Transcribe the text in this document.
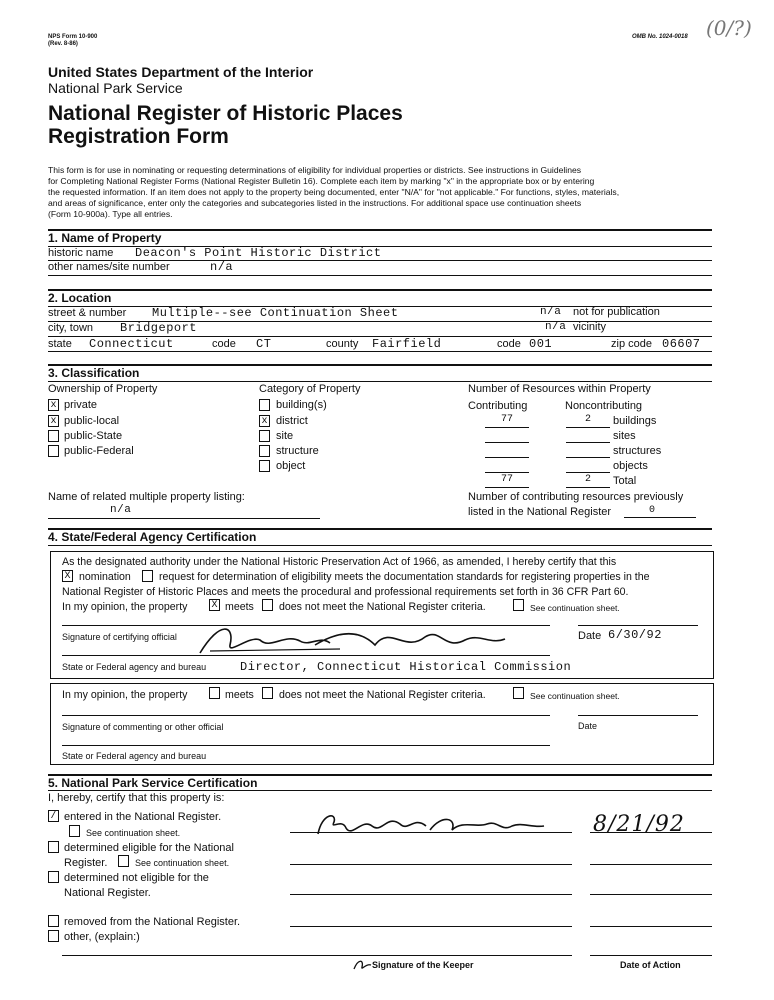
NPS Form 10-900
(Rev. 8-86)
OMB No. 1024-0018 (0/?)
United States Department of the Interior
National Park Service
National Register of Historic Places
Registration Form
This form is for use in nominating or requesting determinations of eligibility for individual properties or districts. See instructions in Guidelines
for Completing National Register Forms (National Register Bulletin 16). Complete each item by marking "x" in the appropriate box or by entering
the requested information. If an item does not apply to the property being documented, enter "N/A" for "not applicable." For functions, styles, materials,
and areas of significance, enter only the categories and subcategories listed in the instructions. For additional space use continuation sheets
(Form 10-900a). Type all entries.
1. Name of Property
historic name Deacon's Point Historic District
other names/site number	n/a
2. Location
street & number Multiple--see Continuation Sheet	n/a not for publication
city, town Bridgeport	n/a vicinity
state Connecticut	code CT	county Fairfield	code 001	zip code 06607
3. Classification
Ownership of Property
x private
x public-local
public-State
public-Federal
Category of Property
building(s)
x district
site
structure
object
Number of Resources within Property
Contributing	Noncontributing
77	2	buildings
sites
structures
objects
77	2	Total
Name of related multiple property listing:
n/a
Number of contributing resources previously
listed in the National Register	0
4. State/Federal Agency Certification
As the designated authority under the National Historic Preservation Act of 1966, as amended, I hereby certify that this
X nomination	request for determination of eligibility meets the documentation standards for registering properties in the
National Register of Historic Places and meets the procedural and professional requirements set forth in 36 CFR Part 60.
In my opinion, the property X meets does not meet the National Register criteria.	See continuation sheet.
Signature of certifying official	Date 6/30/92
State or Federal agency and bureau	Director, Connecticut Historical Commission
In my opinion, the property	meets does not meet the National Register criteria.	See continuation sheet.
Signature of commenting or other official	Date
State or Federal agency and bureau
5. National Park Service Certification
I, hereby, certify that this property is:
/ entered in the National Register.
See continuation sheet.
determined eligible for the National
Register.	See continuation sheet.
determined not eligible for the
National Register.
removed from the National Register.
other, (explain:)
8/21/92
Signature of the Keeper	Date of Action
